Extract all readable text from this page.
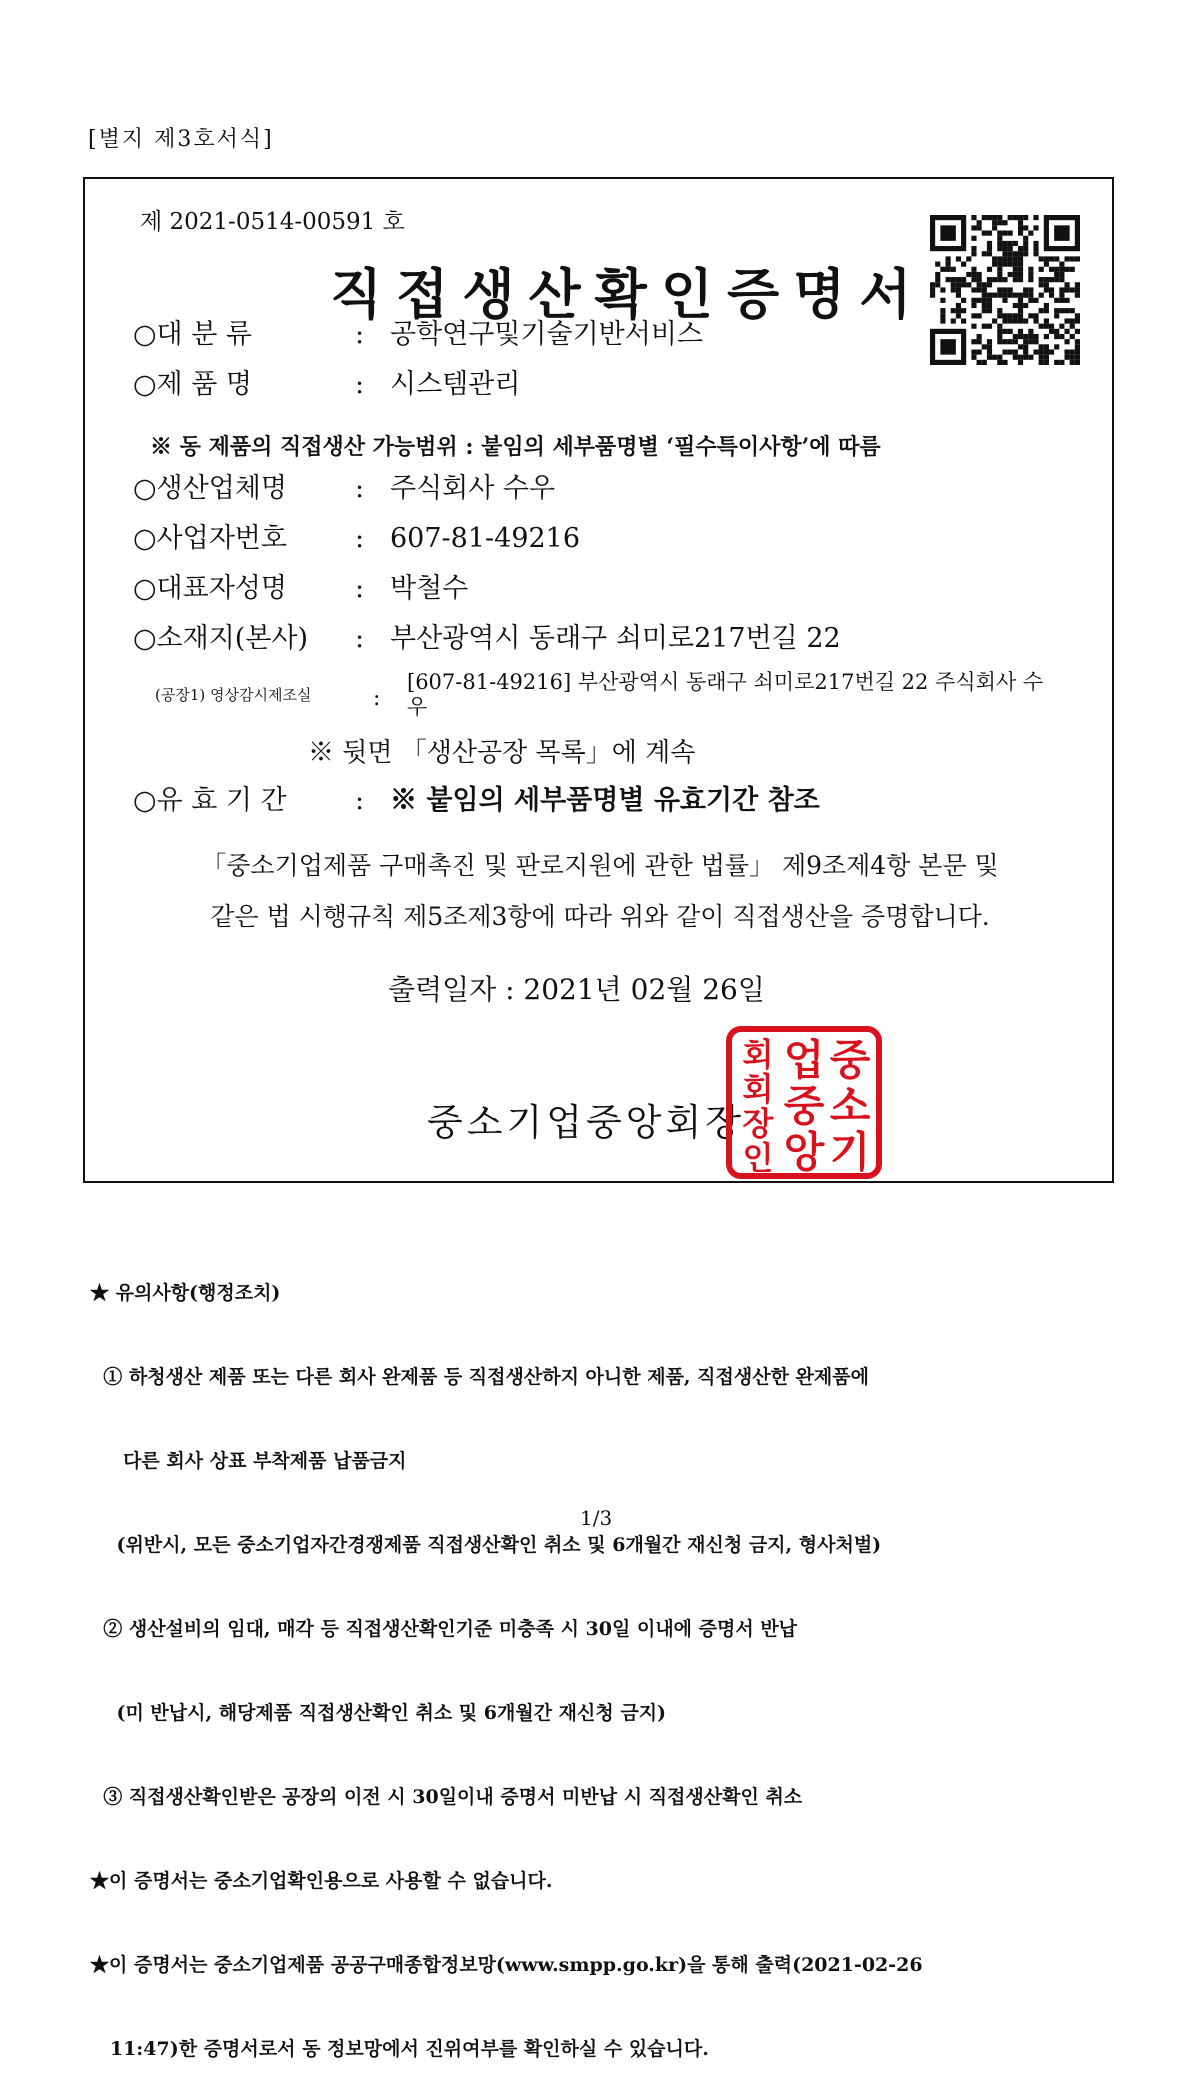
[별지 제3호서식]
제 2021-0514-00591 호
직접생산확인증명서
○대 분 류	: 공학연구및기술기반서비스
○제 품 명	: 시스템관리
※ 동 제품의 직접생산 가능범위 : 붙임의 세부품명별 ‘필수특이사항’에 따름
○생산업체명	: 주식회사 수우
○사업자번호	: 607-81-49216
○대표자성명	: 박철수
○소재지(본사) : 부산광역시 동래구 쇠미로217번길 22
(공장1) 영상감시제조실	:
[607-81-49216] 부산광역시 동래구 쇠미로217번길 22 주식회사 수우
※ 뒷면 「생산공장 목록」에 계속
○유 효 기 간	: ※ 붙임의 세부품명별 유효기간 참조
「중소기업제품 구매촉진 및 판로지원에 관한 법률」 제9조제4항 본문 및
같은 법 시행규칙 제5조제3항에 따라 위와 같이 직접생산을 증명합니다.
출력일자 : 2021년 02월 26일
중소기업중앙회장
중
소
기
업
중
앙
회
회
장
인

★ 유의사항(행정조치)

① 하청생산 제품 또는 다른 회사 완제품 등 직접생산하지 아니한 제품, 직접생산한 완제품에

다른 회사 상표 부착제품 납품금지

(위반시, 모든 중소기업자간경쟁제품 직접생산확인 취소 및 6개월간 재신청 금지, 형사처벌)

② 생산설비의 임대, 매각 등 직접생산확인기준 미충족 시 30일 이내에 증명서 반납

(미 반납시, 해당제품 직접생산확인 취소 및 6개월간 재신청 금지)

③ 직접생산확인받은 공장의 이전 시 30일이내 증명서 미반납 시 직접생산확인 취소

★이 증명서는 중소기업확인용으로 사용할 수 없습니다.

★이 증명서는 중소기업제품 공공구매종합정보망(www.smpp.go.kr)을 통해 출력(2021-02-26

11:47)한 증명서로서 동 정보망에서 진위여부를 확인하실 수 있습니다.

1/3
